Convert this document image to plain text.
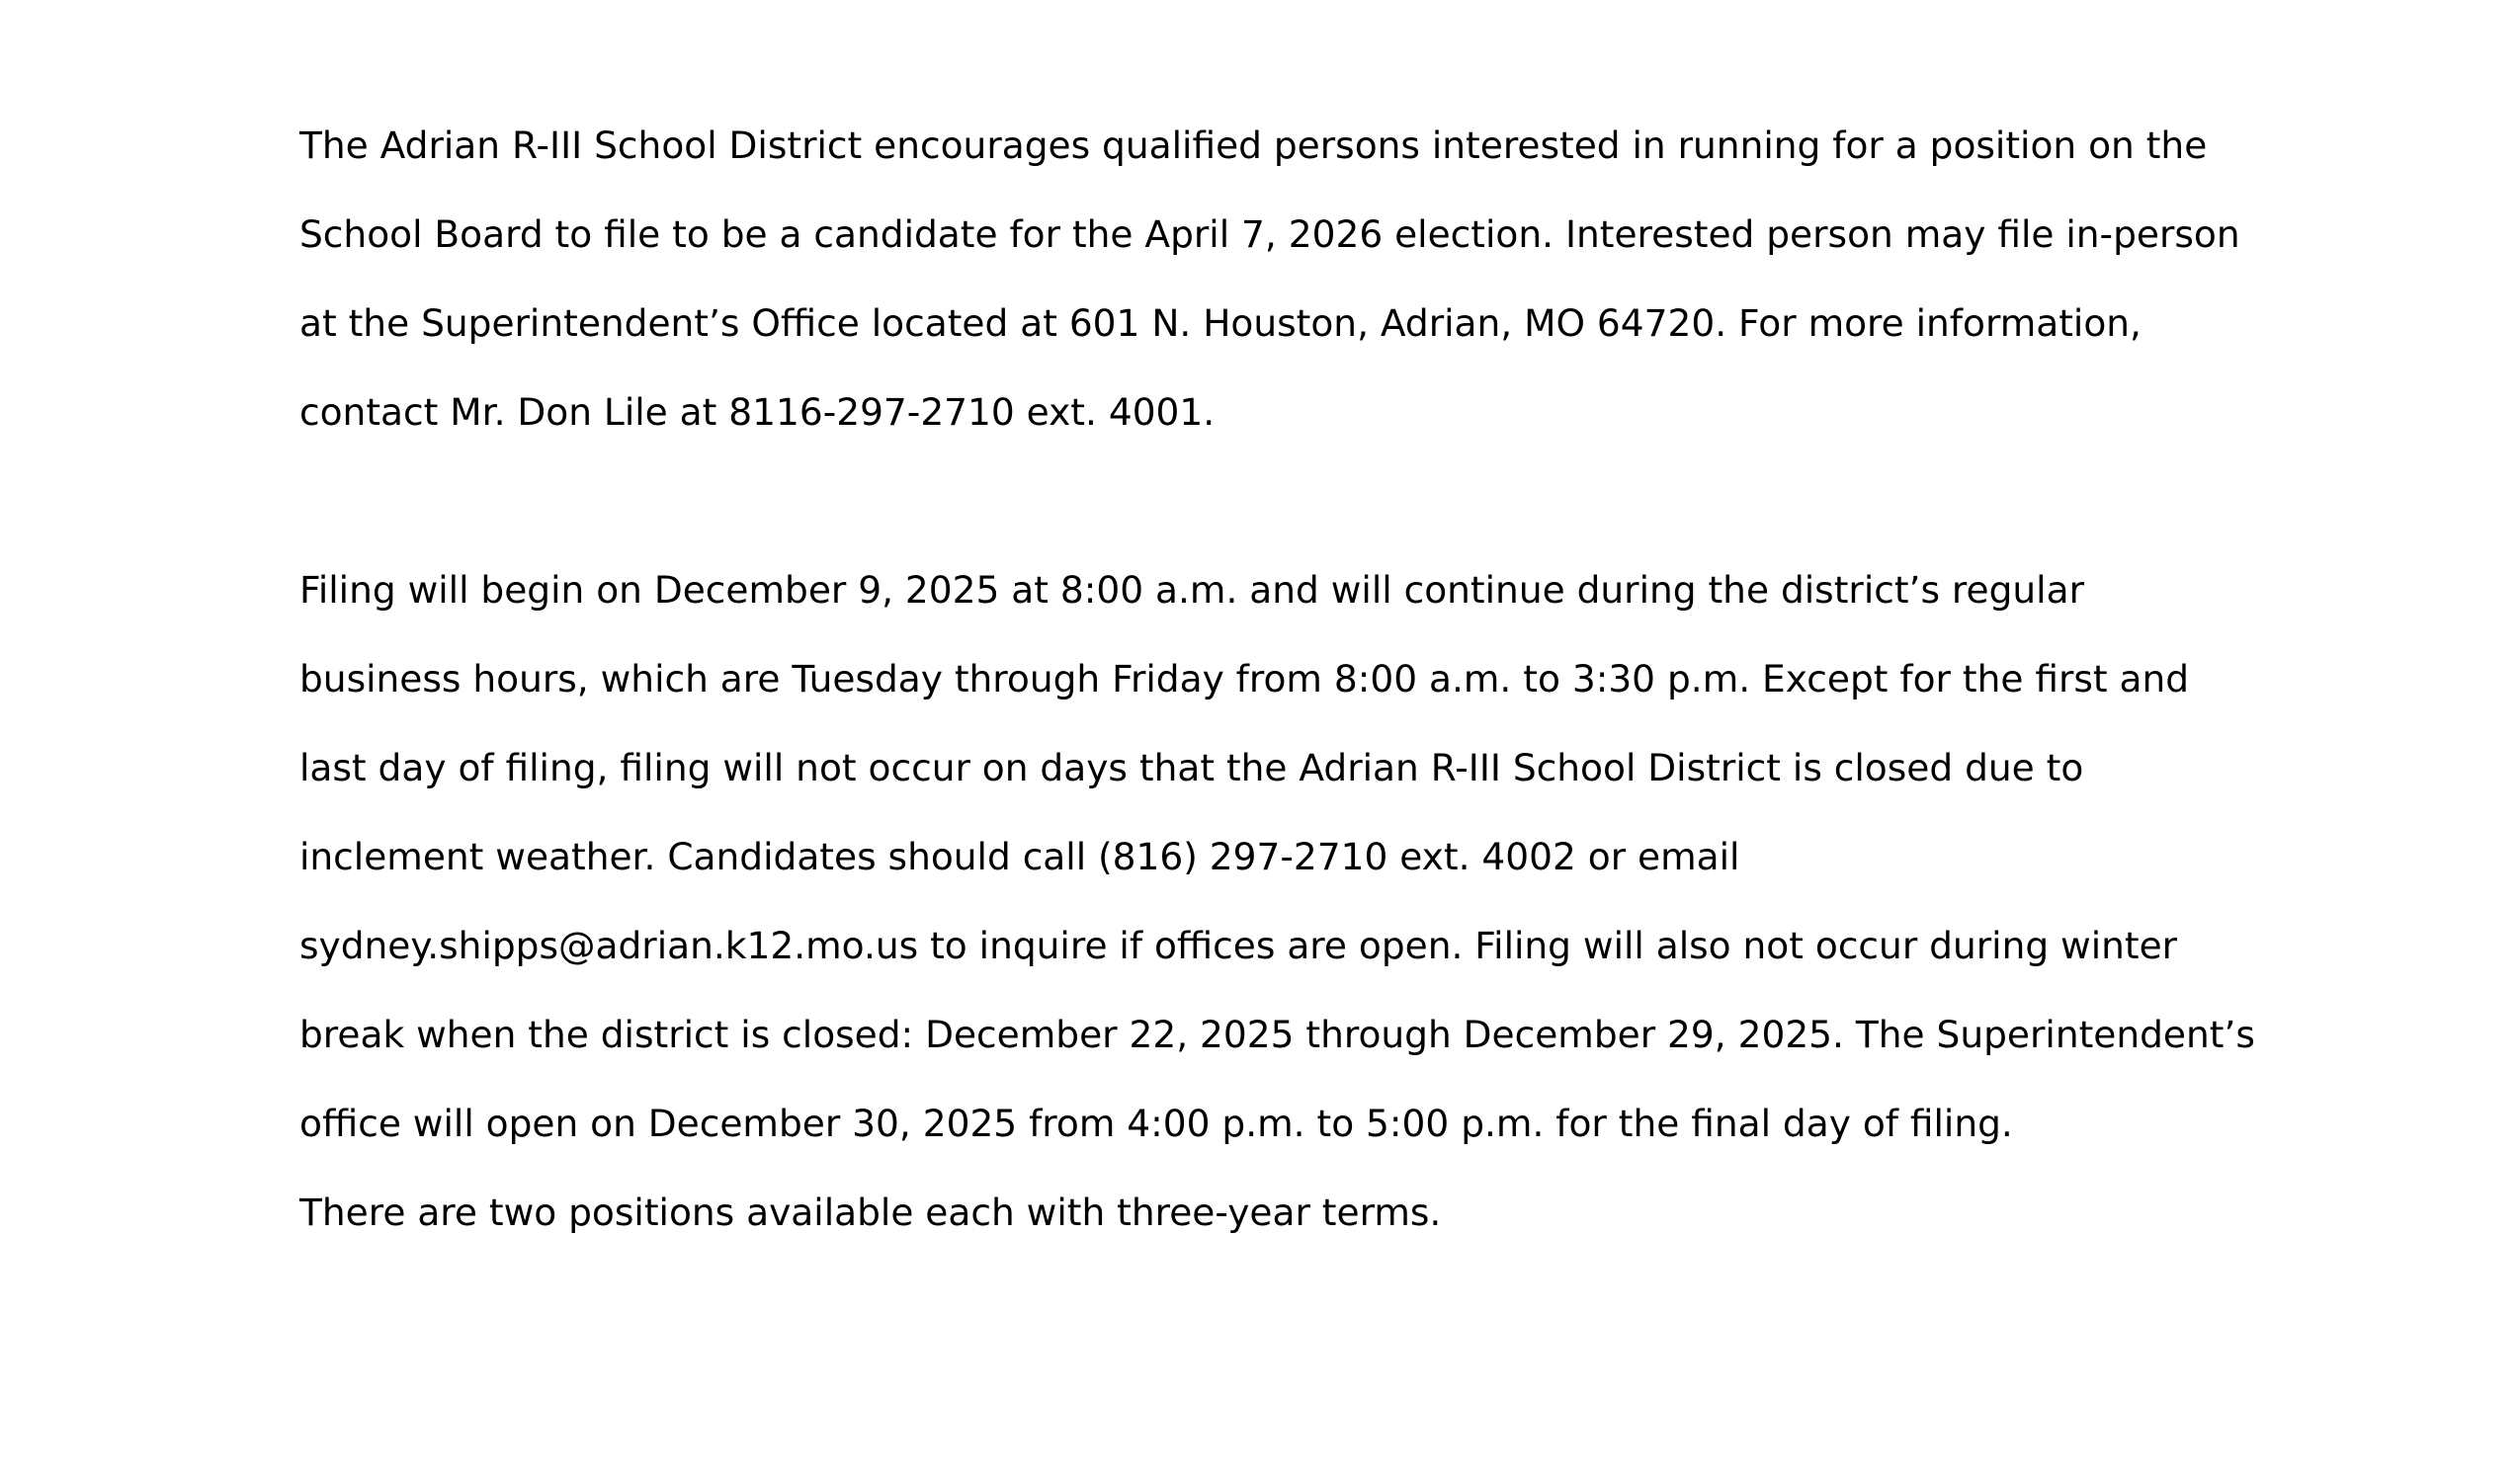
The Adrian R-III School District encourages qualified persons interested in running for a position on the
School Board to file to be a candidate for the April 7, 2026 election. Interested person may file in-person
at the Superintendent’s Office located at 601 N. Houston, Adrian, MO 64720. For more information,
contact Mr. Don Lile at 8116-297-2710 ext. 4001.
Filing will begin on December 9, 2025 at 8:00 a.m. and will continue during the district’s regular
business hours, which are Tuesday through Friday from 8:00 a.m. to 3:30 p.m. Except for the first and
last day of filing, filing will not occur on days that the Adrian R-III School District is closed due to
inclement weather. Candidates should call (816) 297-2710 ext. 4002 or email
sydney.shipps@adrian.k12.mo.us to inquire if offices are open. Filing will also not occur during winter
break when the district is closed: December 22, 2025 through December 29, 2025. The Superintendent’s
office will open on December 30, 2025 from 4:00 p.m. to 5:00 p.m. for the final day of filing.
There are two positions available each with three-year terms.
